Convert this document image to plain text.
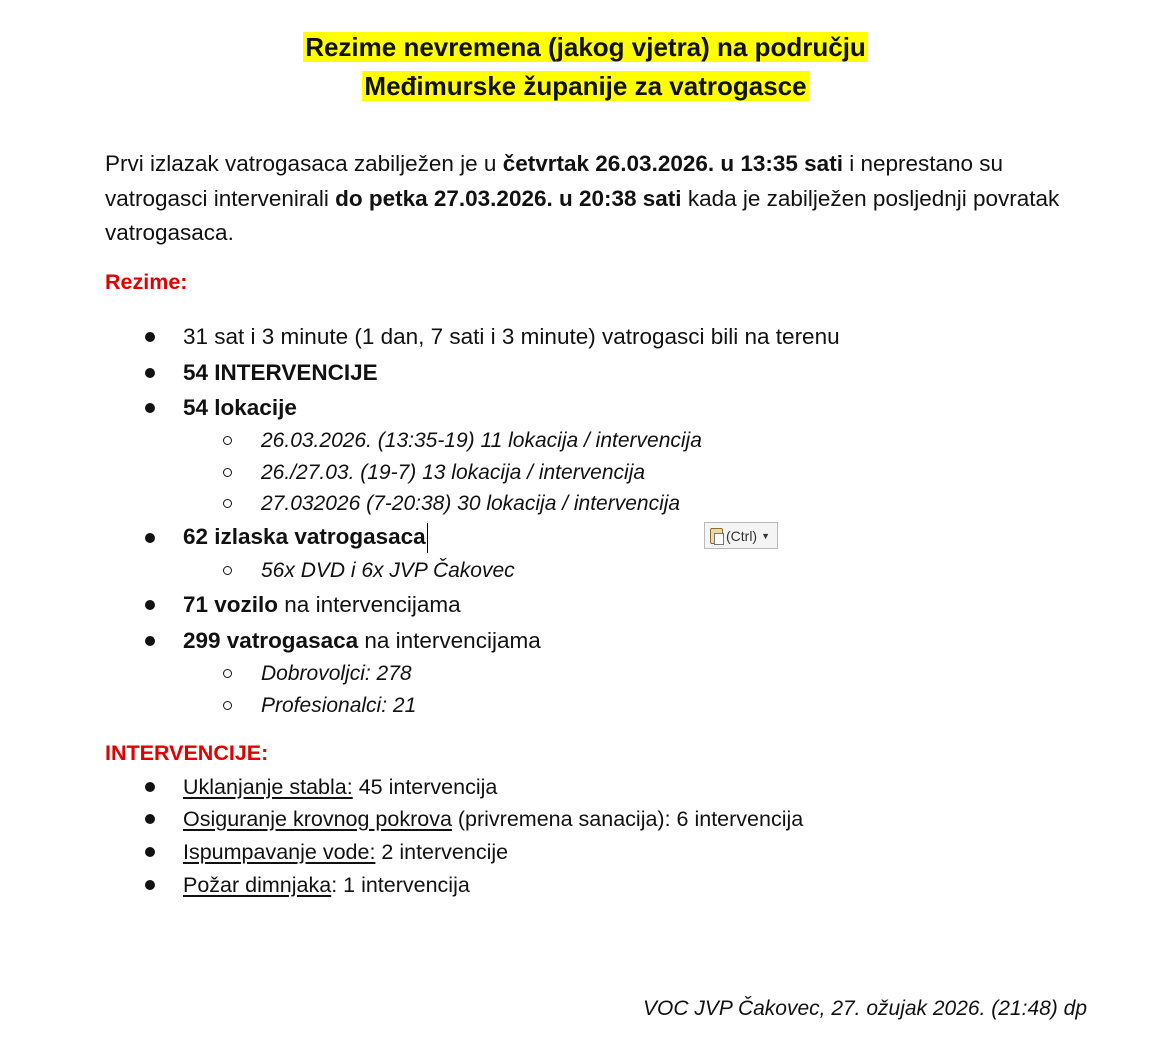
Rezime nevremena (jakog vjetra) na području
Međimurske županije za vatrogasce
Prvi izlazak vatrogasaca zabilježen je u četvrtak 26.03.2026. u 13:35 sati i neprestano su vatrogasci intervenirali do petka 27.03.2026. u 20:38 sati kada je zabilježen posljednji povratak vatrogasaca.
Rezime:
31 sat i 3 minute (1 dan, 7 sati i 3 minute) vatrogasci bili na terenu
54 INTERVENCIJE
54 lokacije
26.03.2026. (13:35-19) 11 lokacija / intervencija
26./27.03. (19-7) 13 lokacija / intervencija
27.032026 (7-20:38) 30 lokacija / intervencija
62 izlaska vatrogasaca	(Ctrl) ▼
56x DVD i 6x JVP Čakovec
71 vozilo na intervencijama
299 vatrogasaca na intervencijama
Dobrovoljci: 278
Profesionalci: 21
INTERVENCIJE:
Uklanjanje stabla: 45 intervencija
Osiguranje krovnog pokrova (privremena sanacija): 6 intervencija
Ispumpavanje vode: 2 intervencije
Požar dimnjaka: 1 intervencija
VOC JVP Čakovec, 27. ožujak 2026. (21:48) dp
